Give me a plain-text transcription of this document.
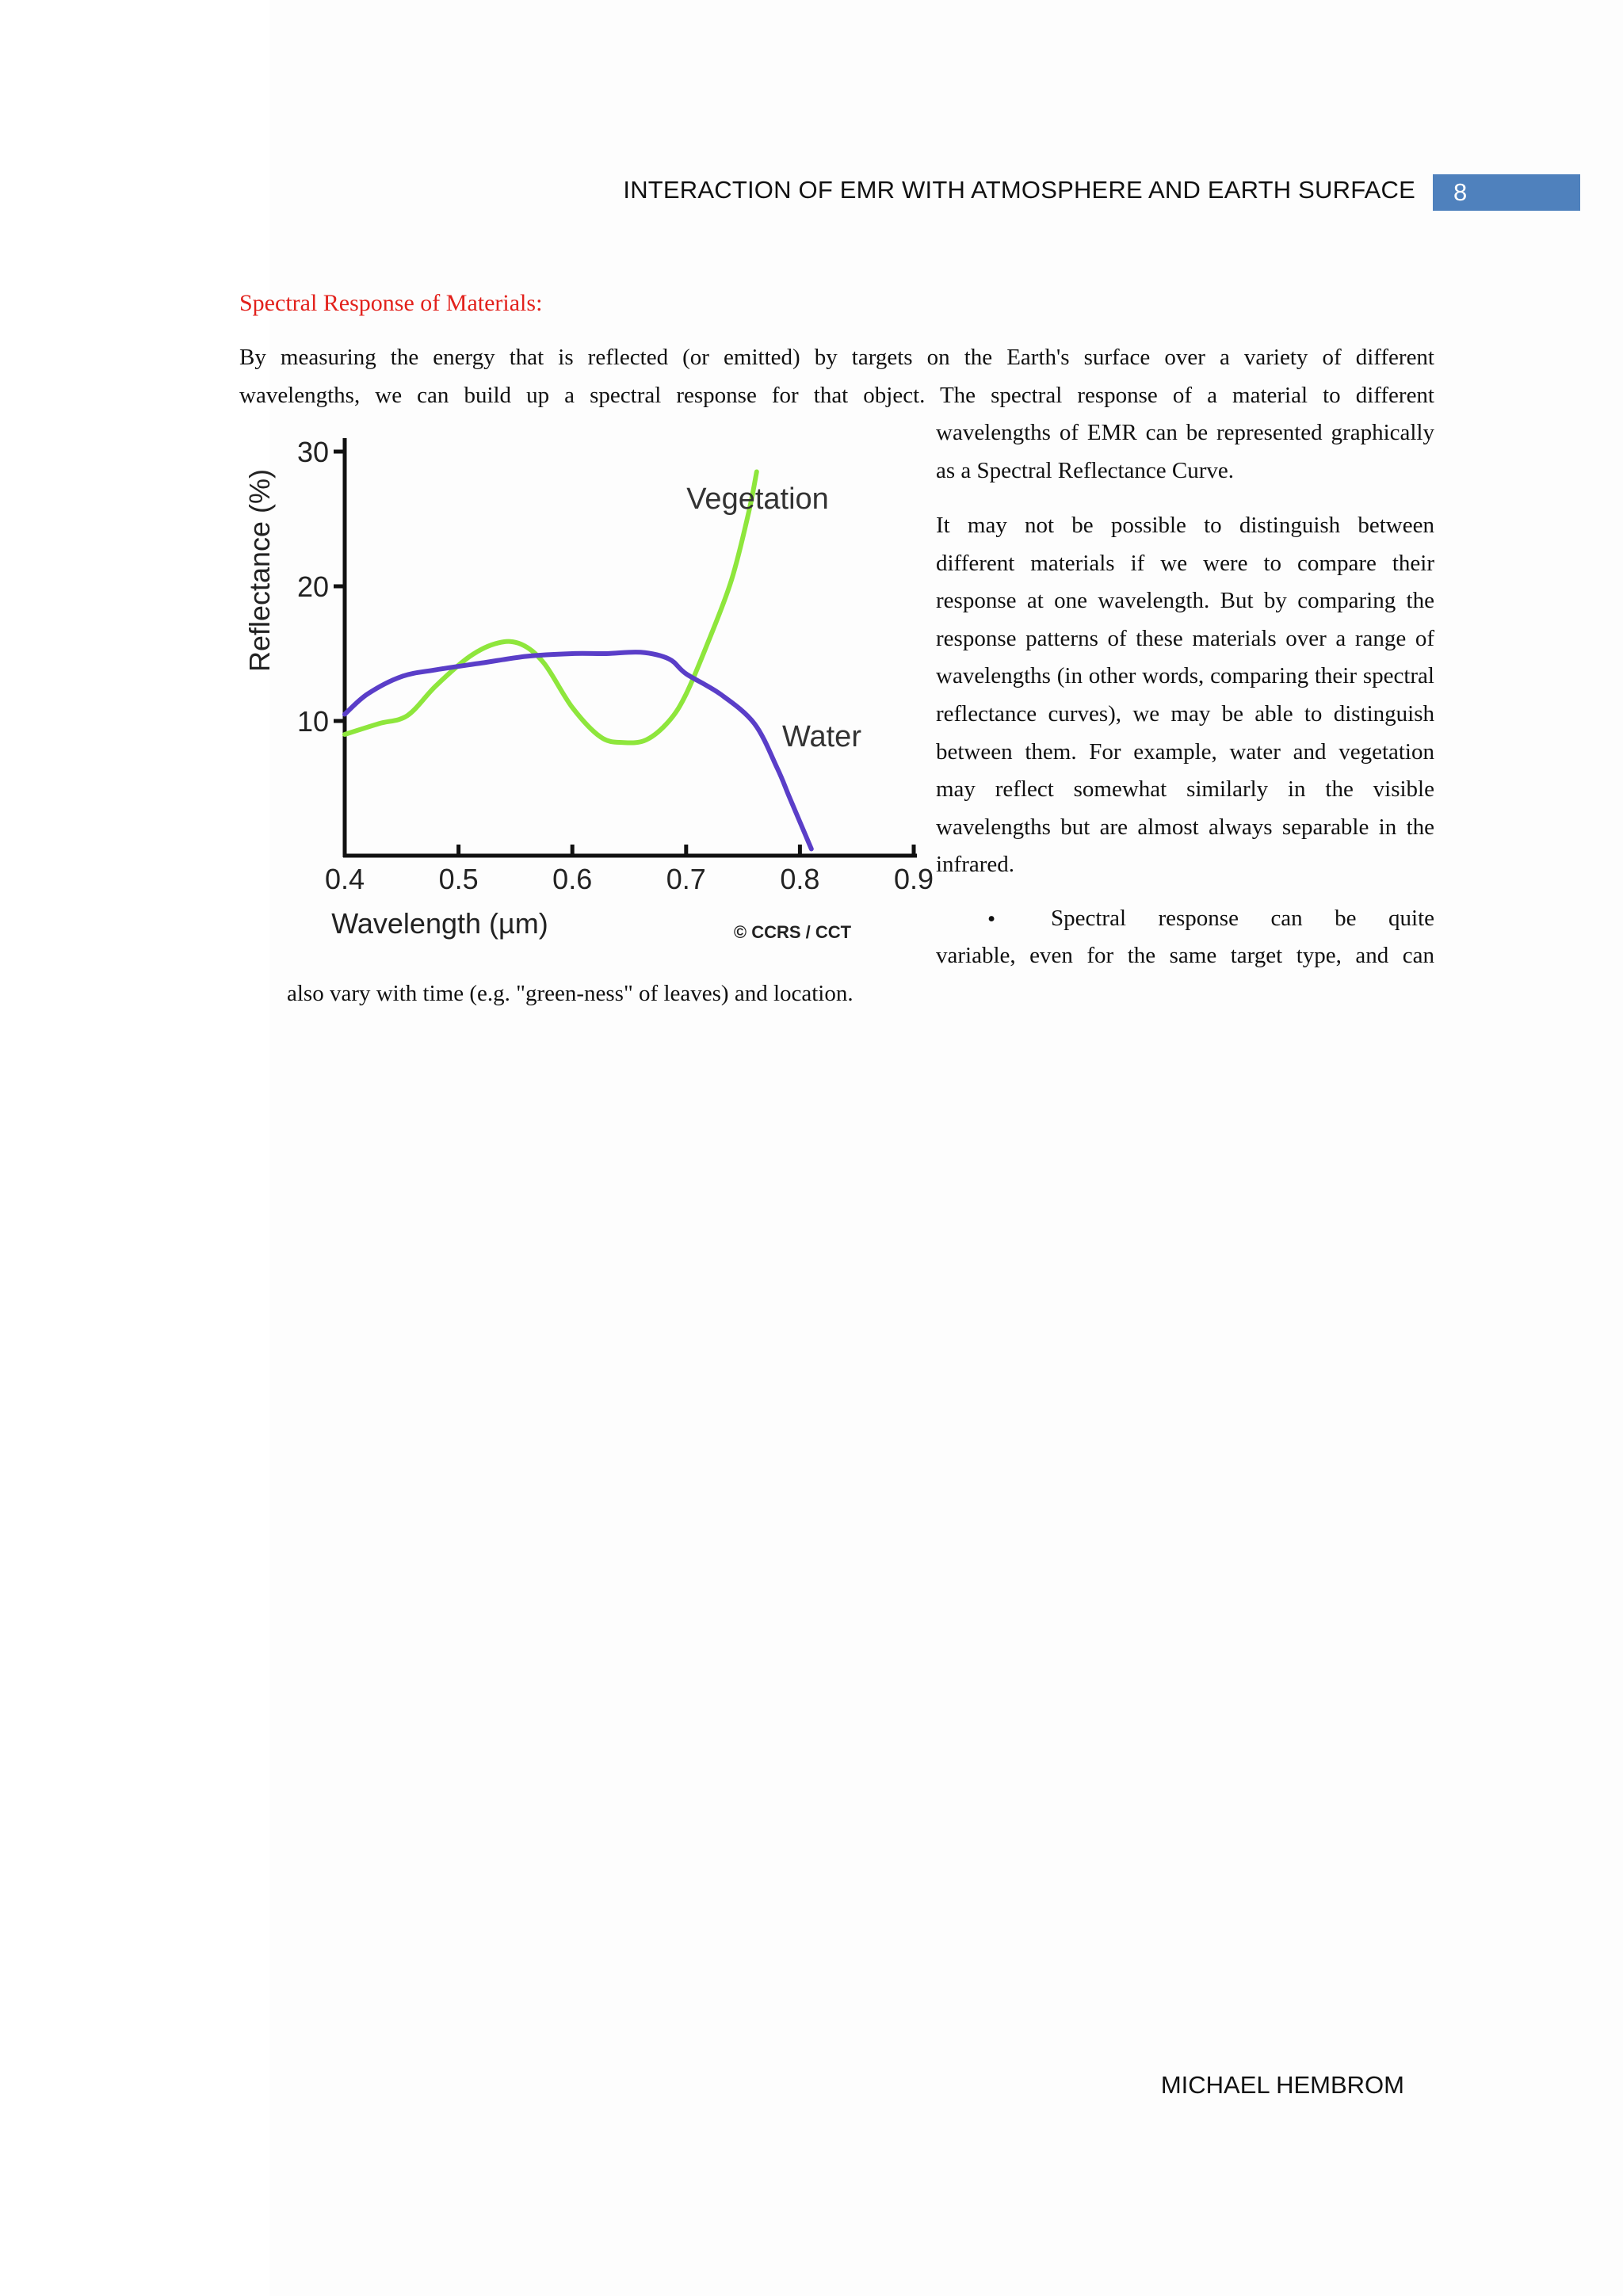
INTERACTION OF EMR WITH ATMOSPHERE AND EARTH SURFACE	8
Spectral Response of Materials:

By measuring the energy that is reflected (or emitted) by targets on the Earth's surface over a variety of different

wavelengths, we can build up a spectral response for that object. The spectral response of a material to different

wavelengths of EMR can be represented graphically as a Spectral Reflectance Curve.

It may not be possible to distinguish between different materials if we were to compare their response at one wavelength. But by comparing the response patterns of these materials over a range of wavelengths (in other words, comparing their spectral reflectance curves), we may be able to distinguish between them. For example, water and vegetation may reflect somewhat similarly in the visible wavelengths but are almost always separable in the infrared.

• Spectral response can be quite

variable, even for the same target type, and can

also vary with time (e.g. "green-ness" of leaves) and location.
10
20
30
0.4	0.5	0.6	0.7	0.8	0.9
Reflectance (%)
Wavelength (µm)	© CCRS / CCT
Vegetation
Water
MICHAEL HEMBROM
